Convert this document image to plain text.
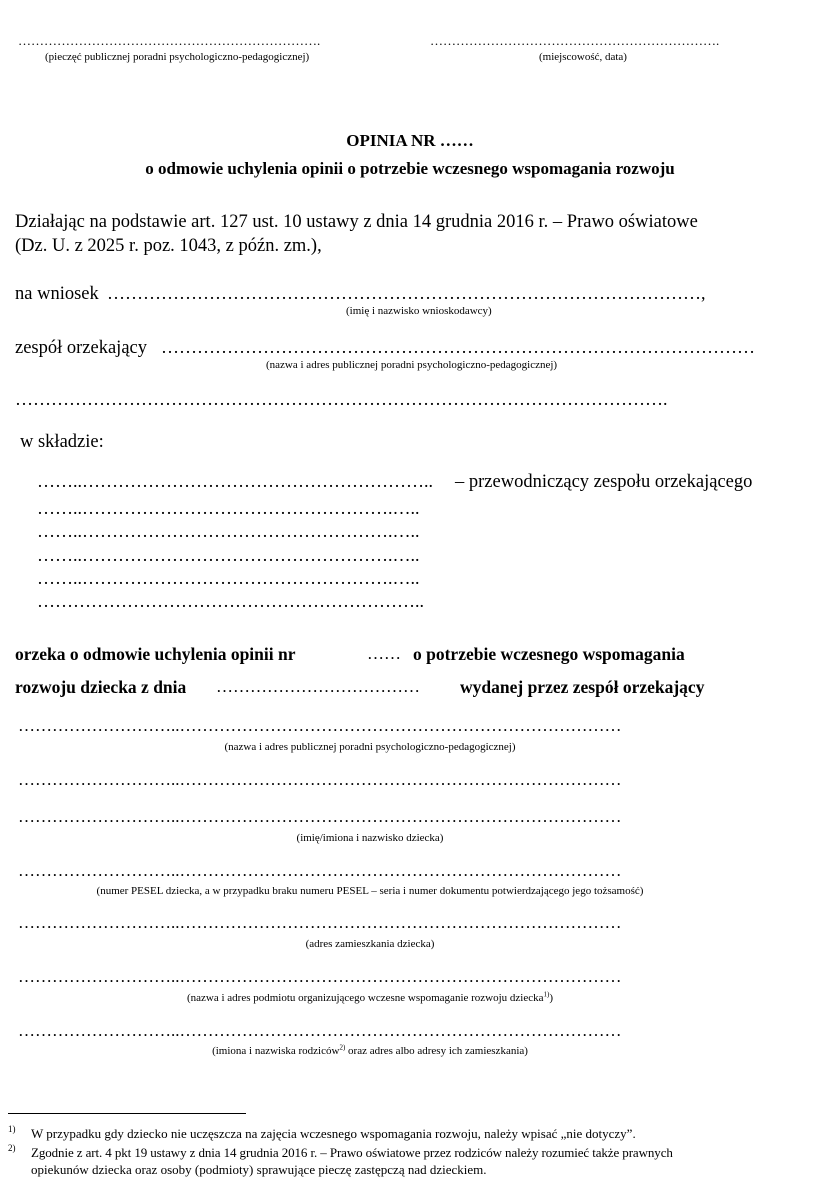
…………………………………………………………….
(pieczęć publicznej poradni psychologiczno-pedagogicznej)
………………………………………………………….
(miejscowość, data)
OPINIA NR ……
o odmowie uchylenia opinii o potrzebie wczesnego wspomagania rozwoju
Działając na podstawie art. 127 ust. 10 ustawy z dnia 14 grudnia 2016 r. – Prawo oświatowe
(Dz. U. z 2025 r. poz. 1043, z późn. zm.),
na wniosek ………………………………………………………………………………………,
(imię i nazwisko wnioskodawcy)
zespół orzekający ………………………………………………………………………………………
(nazwa i adres publicznej poradni psychologiczno-pedagogicznej)
……………………………………………………………………………………………….
w składzie:
……..………………………………………………….. – przewodniczący zespołu orzekającego
……..…………………………………………….…..
……..…………………………………………….…..
……..…………………………………………….…..
……..…………………………………………….…..
………………………………………………………..
orzeka o odmowie uchylenia opinii nr	…… o potrzebie wczesnego wspomagania
rozwoju dziecka z dnia ……………………………… wydanej przez zespół orzekający
………………………..……………………………………………………………………
(nazwa i adres publicznej poradni psychologiczno-pedagogicznej)
………………………..……………………………………………………………………
………………………..……………………………………………………………………
(imię/imiona i nazwisko dziecka)
………………………..……………………………………………………………………
(numer PESEL dziecka, a w przypadku braku numeru PESEL – seria i numer dokumentu potwierdzającego jego tożsamość)
………………………..……………………………………………………………………
(adres zamieszkania dziecka)
………………………..……………………………………………………………………
(nazwa i adres podmiotu organizującego wczesne wspomaganie rozwoju dziecka$^{1)}$)
………………………..……………………………………………………………………
(imiona i nazwiska rodziców$^{2)}$ oraz adres albo adresy ich zamieszkania)
1) W przypadku gdy dziecko nie uczęszcza na zajęcia wczesnego wspomagania rozwoju, należy wpisać „nie dotyczy”.
2) Zgodnie z art. 4 pkt 19 ustawy z dnia 14 grudnia 2016 r. – Prawo oświatowe przez rodziców należy rozumieć także prawnych
opiekunów dziecka oraz osoby (podmioty) sprawujące pieczę zastępczą nad dzieckiem.
